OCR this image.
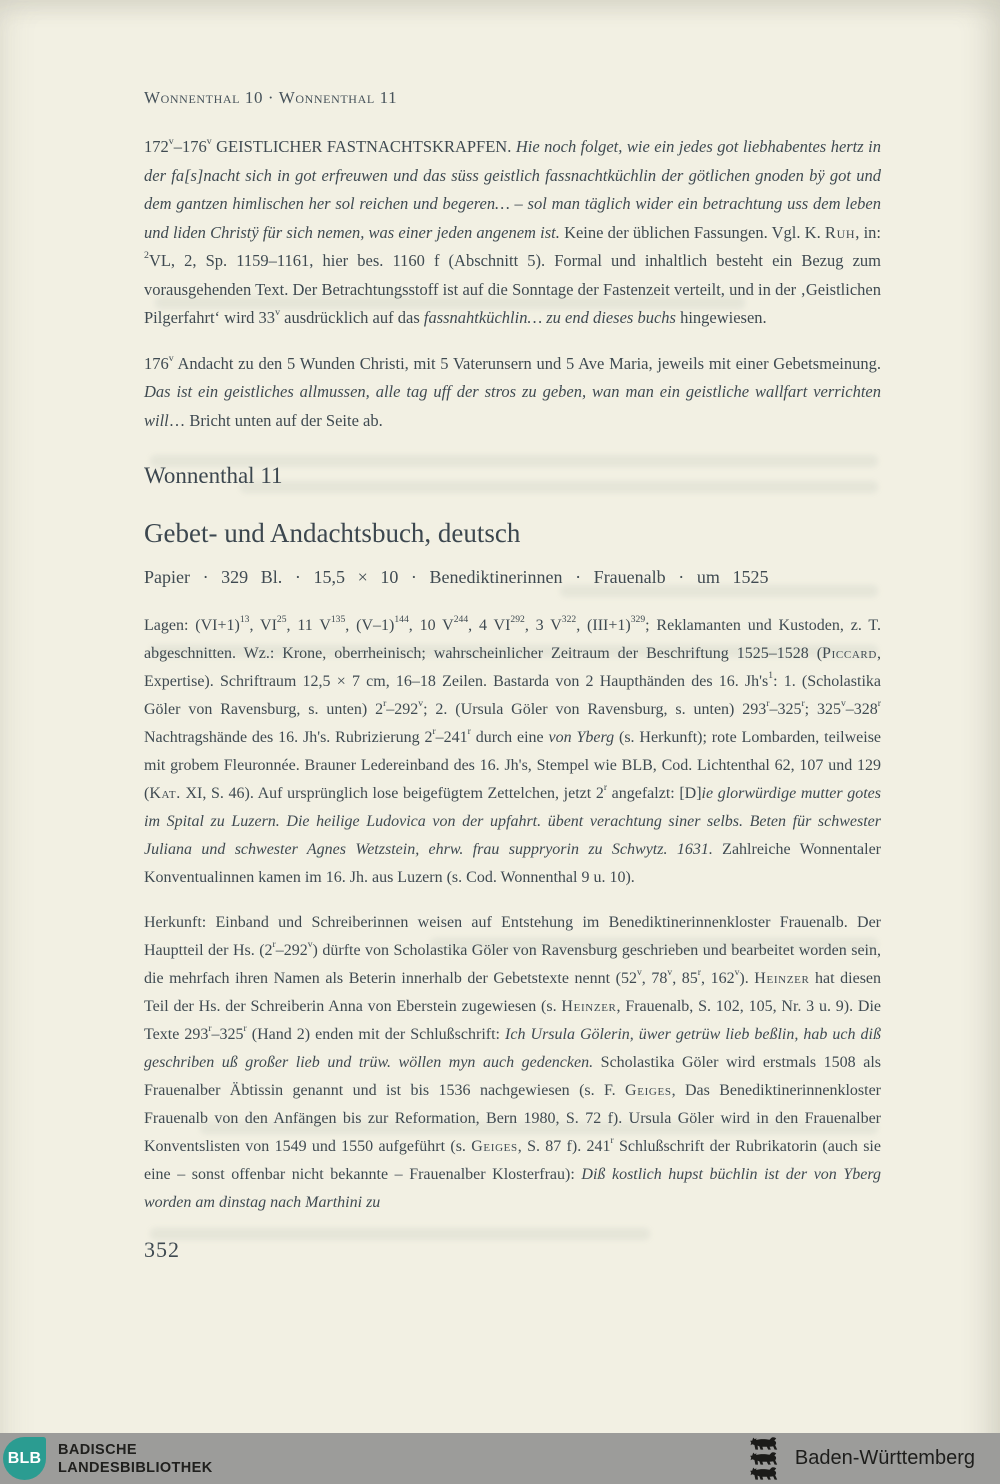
Wonnenthal 10 · Wonnenthal 11

172$^v$–176$^v$ GEISTLICHER FASTNACHTSKRAPFEN. Hie noch folget, wie ein jedes got liebhabentes hertz in der fa[s]nacht sich in got erfreuwen und das süss geistlich fassnachtküchlin der götlichen gnoden bÿ got und dem gantzen himlischen her sol reichen und begeren… – sol man täglich wider ein betrachtung uss dem leben und liden Christÿ für sich nemen, was einer jeden angenem ist. Keine der üblichen Fassungen. Vgl. K. Ruh, in: $^2$VL, 2, Sp. 1159–1161, hier bes. 1160 f (Abschnitt 5). Formal und inhaltlich besteht ein Bezug zum vorausgehenden Text. Der Betrachtungsstoff ist auf die Sonntage der Fastenzeit verteilt, und in der ‚Geistlichen Pilgerfahrt‘ wird 33$^v$ ausdrücklich auf das fassnahtküchlin… zu end dieses buchs hingewiesen.

176$^v$ Andacht zu den 5 Wunden Christi, mit 5 Vaterunsern und 5 Ave Maria, jeweils mit einer Gebetsmeinung. Das ist ein geistliches allmussen, alle tag uff der stros zu geben, wan man ein geistliche wallfart verrichten will… Bricht unten auf der Seite ab.

Wonnenthal 11
Gebet- und Andachtsbuch, deutsch

Papier · 329 Bl. · 15,5 × 10 · Benediktinerinnen · Frauenalb · um 1525

Lagen: $(VI+1)^{13}$, VI$^{25}$, 11 $V^{135}$, $(V-1)^{144}$, 10 $V^{244}$, 4 VI$^{292}$, 3 $V^{322}$, $(III+1)^{329}$; Reklamanten und Kustoden, z. T. abgeschnitten. Wz.: Krone, oberrheinisch; wahrscheinlicher Zeitraum der Beschriftung 1525–1528 (Piccard, Expertise). Schriftraum 12,5 × 7 cm, 16–18 Zeilen. Bastarda von 2 Haupthänden des 16. $Jh's^1$: 1. (Scholastika Göler von Ravensburg, s. unten) 2$^r$–292$^v$; 2. (Ursula Göler von Ravensburg, s. unten) 293$^r$–325$^r$; 325$^v$–328$^r$ Nachtragshände des 16. Jh's. Rubrizierung 2$^r$–241$^r$ durch eine von Yberg (s. Herkunft); rote Lombarden, teilweise mit grobem Fleuronnée. Brauner Ledereinband des 16. Jh's, Stempel wie BLB, Cod. Lichtenthal 62, 107 und 129 (Kat. XI, S. 46). Auf ursprünglich lose beigefügtem Zettelchen, jetzt 2$^r$ angefalzt: [D]ie glorwürdige mutter gotes im Spital zu Luzern. Die heilige Ludovica von der upfahrt. übent verachtung siner selbs. Beten für schwester Juliana und schwester Agnes Wetzstein, ehrw. frau suppryorin zu Schwytz. 1631. Zahlreiche Wonnentaler Konventualinnen kamen im 16. Jh. aus Luzern (s. Cod. Wonnenthal 9 u. 10).

Herkunft: Einband und Schreiberinnen weisen auf Entstehung im Benediktinerinnenkloster Frauenalb. Der Hauptteil der Hs. (2$^r$–292$^v$) dürfte von Scholastika Göler von Ravensburg geschrieben und bearbeitet worden sein, die mehrfach ihren Namen als Beterin innerhalb der Gebetstexte nennt (52$^v$, 78$^v$, 85$^r$, 162$^v$). Heinzer hat diesen Teil der Hs. der Schreiberin Anna von Eberstein zugewiesen (s. Heinzer, Frauenalb, S. 102, 105, Nr. 3 u. 9). Die Texte 293$^r$–325$^r$ (Hand 2) enden mit der Schlußschrift: Ich Ursula Gölerin, üwer getrüw lieb beßlin, hab uch diß geschriben uß großer lieb und trüw. wöllen myn auch gedencken. Scholastika Göler wird erstmals 1508 als Frauenalber Äbtissin genannt und ist bis 1536 nachgewiesen (s. F. Geiges, Das Benediktinerinnenkloster Frauenalb von den Anfängen bis zur Reformation, Bern 1980, S. 72 f). Ursula Göler wird in den Frauenalber Konventslisten von 1549 und 1550 aufgeführt (s. Geiges, S. 87 f). 241$^r$ Schlußschrift der Rubrikatorin (auch sie eine – sonst offenbar nicht bekannte – Frauenalber Klosterfrau): Diß kostlich hupst büchlin ist der von Yberg worden am dinstag nach Marthini zu

352
BLB BADISCHE
LANDESBIBLIOTHEK	Baden-Württemberg
